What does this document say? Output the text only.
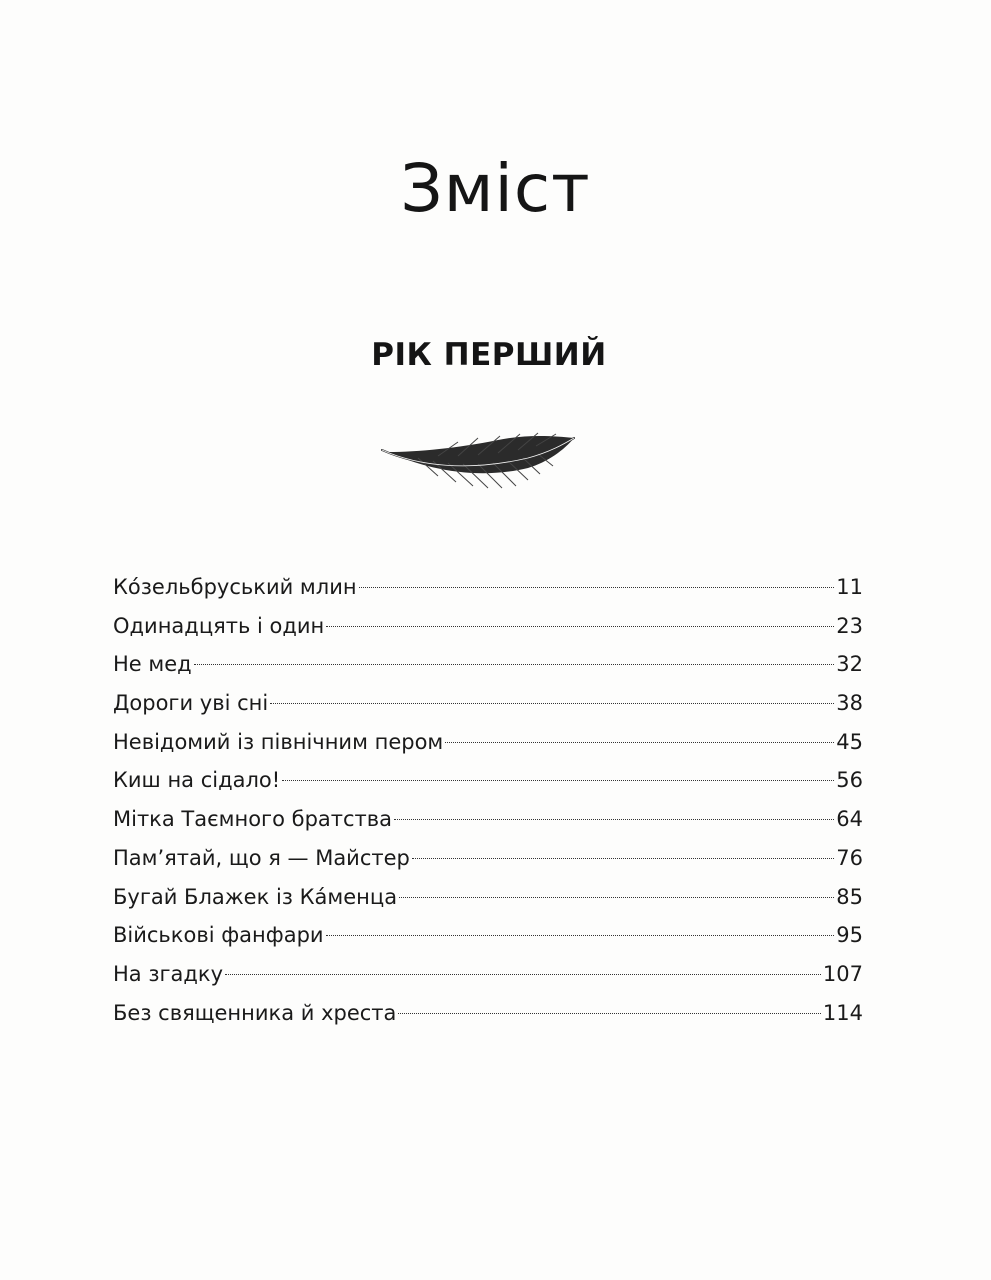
Зміст
РІК ПЕРШИЙ
Ко́зельбруський млин	11
Одинадцять і один	23
Не мед	32
Дороги уві сні	38
Невідомий із північним пером	45
Киш на сідало!	56
Мітка Таємного братства	64
Пам’ятай, що я — Майстер	76
Бугай Блажек із Ка́менца	85
Військові фанфари	95
На згадку	107
Без священника й хреста	114
